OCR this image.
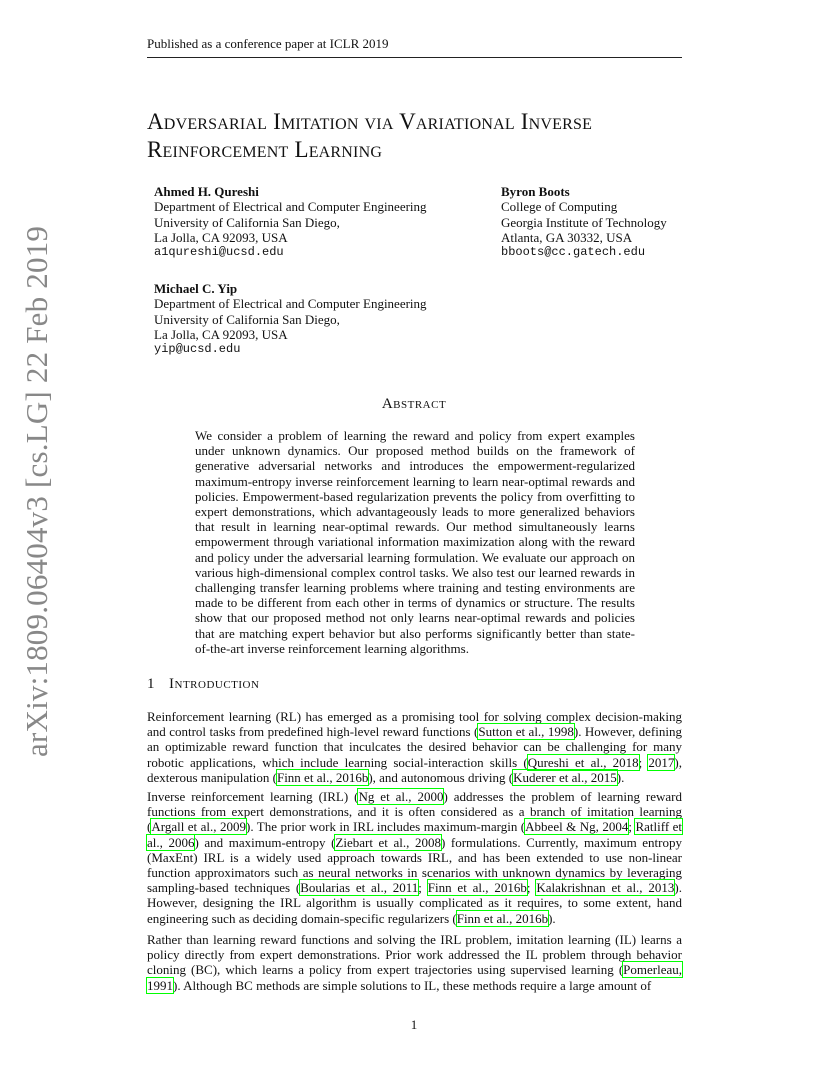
Published as a conference paper at ICLR 2019
arXiv:1809.06404v3 [cs.LG] 22 Feb 2019
Adversarial Imitation via Variational Inverse
Reinforcement Learning
Ahmed H. Qureshi
Department of Electrical and Computer Engineering
University of California San Diego,
La Jolla, CA 92093, USA
a1qureshi@ucsd.edu
Byron Boots
College of Computing
Georgia Institute of Technology
Atlanta, GA 30332, USA
bboots@cc.gatech.edu
Michael C. Yip
Department of Electrical and Computer Engineering
University of California San Diego,
La Jolla, CA 92093, USA
yip@ucsd.edu
Abstract
We consider a problem of learning the reward and policy from expert examples under unknown dynamics. Our proposed method builds on the framework of generative adversarial networks and introduces the empowerment-regularized maximum-entropy inverse reinforcement learning to learn near-optimal rewards and policies. Empowerment-based regularization prevents the policy from overfitting to expert demonstrations, which advantageously leads to more generalized behaviors that result in learning near-optimal rewards. Our method simultaneously learns empowerment through variational information maximization along with the reward and policy under the adversarial learning formulation. We evaluate our approach on various high-dimensional complex control tasks. We also test our learned rewards in challenging transfer learning problems where training and testing environments are made to be different from each other in terms of dynamics or structure. The results show that our proposed method not only learns near-optimal rewards and policies that are matching expert behavior but also performs significantly better than state-of-the-art inverse reinforcement learning algorithms.
1 Introduction

Reinforcement learning (RL) has emerged as a promising tool for solving complex decision-making and control tasks from predefined high-level reward functions (Sutton et al., 1998). However, defining an optimizable reward function that inculcates the desired behavior can be challenging for many robotic applications, which include learning social-interaction skills (Qureshi et al., 2018; 2017), dexterous manipulation (Finn et al., 2016b), and autonomous driving (Kuderer et al., 2015).

Inverse reinforcement learning (IRL) (Ng et al., 2000) addresses the problem of learning reward functions from expert demonstrations, and it is often considered as a branch of imitation learning (Argall et al., 2009). The prior work in IRL includes maximum-margin (Abbeel & Ng, 2004; Ratliff et al., 2006) and maximum-entropy (Ziebart et al., 2008) formulations. Currently, maximum entropy (MaxEnt) IRL is a widely used approach towards IRL, and has been extended to use non-linear function approximators such as neural networks in scenarios with unknown dynamics by leveraging sampling-based techniques (Boularias et al., 2011; Finn et al., 2016b; Kalakrishnan et al., 2013). However, designing the IRL algorithm is usually complicated as it requires, to some extent, hand engineering such as deciding domain-specific regularizers (Finn et al., 2016b).

Rather than learning reward functions and solving the IRL problem, imitation learning (IL) learns a policy directly from expert demonstrations. Prior work addressed the IL problem through behavior cloning (BC), which learns a policy from expert trajectories using supervised learning (Pomerleau, 1991). Although BC methods are simple solutions to IL, these methods require a large amount of

1
